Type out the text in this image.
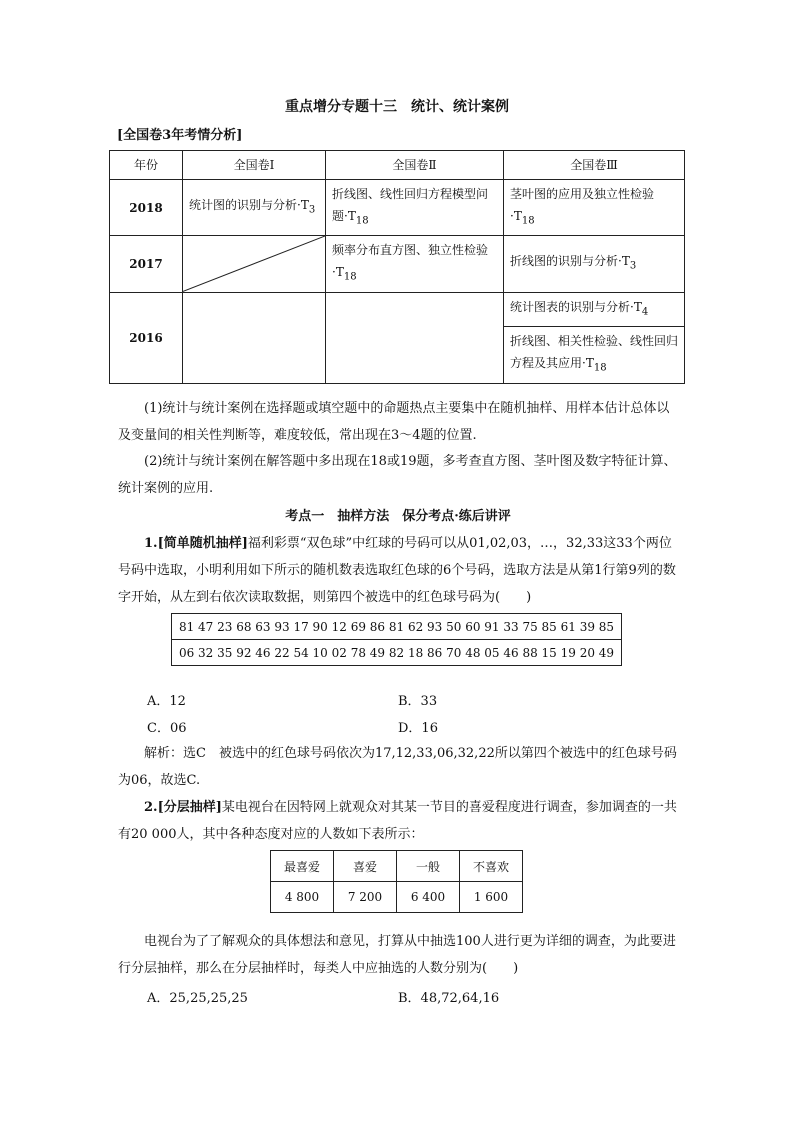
重点增分专题十三　统计、统计案例
[全国卷3年考情分析]
年份	全国卷Ⅰ	全国卷Ⅱ	全国卷Ⅲ
2018	统计图的识别与分析$\cdot T_3$	折线图、线性回归方程模型问题$\cdot T_{18}$	茎叶图的应用及独立性检验$\cdot T_{18}$
2017		频率分布直方图、独立性检验$\cdot T_{18}$	折线图的识别与分析$\cdot T_3$
2016			统计图表的识别与分析$\cdot T_4$
			折线图、相关性检验、线性回归方程及其应用$\cdot T_{18}$
(1)统计与统计案例在选择题或填空题中的命题热点主要集中在随机抽样、用样本估计总体以及变量间的相关性判断等，难度较低，常出现在3～4题的位置.
(2)统计与统计案例在解答题中多出现在18或19题，多考查直方图、茎叶图及数字特征计算、统计案例的应用.
考点一　抽样方法　保分考点·练后讲评
1.[简单随机抽样]福利彩票“双色球”中红球的号码可以从01,02,03，…，32,33这33个两位号码中选取，小明利用如下所示的随机数表选取红色球的6个号码，选取方法是从第1行第9列的数字开始，从左到右依次读取数据，则第四个被选中的红色球号码为(　　)
81 47 23 68 63 93 17 90 12 69 86 81 62 93 50 60 91 33 75 85 61 39 85
06 32 35 92 46 22 54 10 02 78 49 82 18 86 70 48 05 46 88 15 19 20 49
A．12	B．33
C．06	D．16
解析：选C　被选中的红色球号码依次为17,12,33,06,32,22所以第四个被选中的红色球号码为06，故选C.
2.[分层抽样]某电视台在因特网上就观众对其某一节目的喜爱程度进行调查，参加调查的一共有20 000人，其中各种态度对应的人数如下表所示：
最喜爱	喜爱	一般	不喜欢
4 800	7 200	6 400	1 600
电视台为了了解观众的具体想法和意见，打算从中抽选100人进行更为详细的调查，为此要进行分层抽样，那么在分层抽样时，每类人中应抽选的人数分别为(　　)
A．25,25,25,25	B．48,72,64,16
